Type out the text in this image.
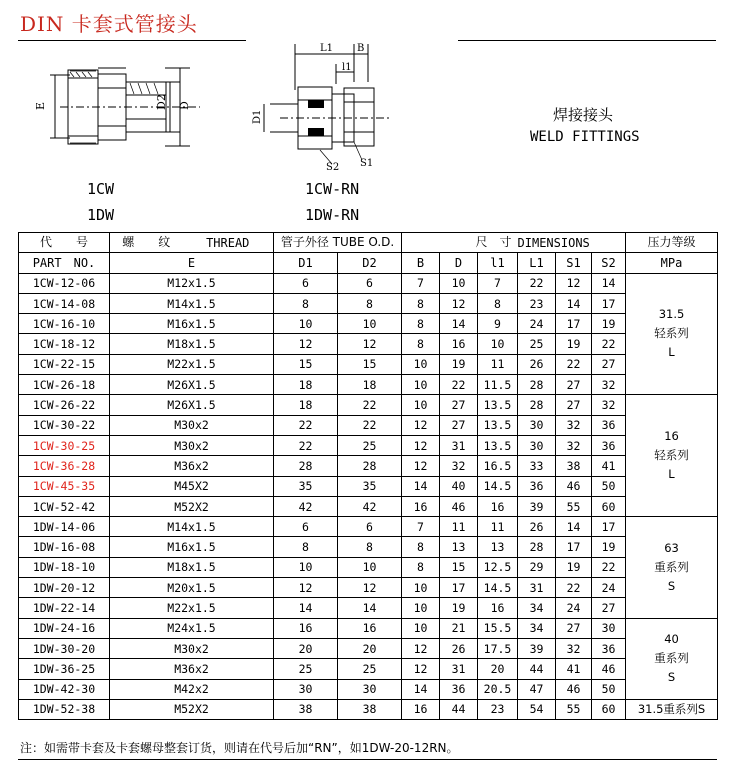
DIN 卡套式管接头
E	D2 D
1CW
1DW
L1 B
l1
D1
S2 S1
1CW-RN
1DW-RN
焊接接头
WELD FITTINGS
代　　号	螺　　纹	THREAD	管子外径 TUBE O.D.		尺　寸			DIMENSIONS			压力等级
PART　NO.	E		D1	D2	B	D	l1	L1	S1	S2	MPa
1CW-12-06	M12x1.5		6	6	7	10	7	22	12	14	31.5
轻系列
L

1CW-14-08	M14x1.5		8	8	8	12	8	23	14	17	
1CW-16-10	M16x1.5		10	10	8	14	9	24	17	19	
1CW-18-12	M18x1.5		12	12	8	16	10	25	19	22	
1CW-22-15	M22x1.5		15	15	10	19	11	26	22	27	
1CW-26-18	M26X1.5		18	18	10	22	11.5	28	27	32	
1CW-26-22	M26X1.5		18	22	10	27	13.5	28	27	32	16
轻系列
L

1CW-30-22	M30x2		22	22	12	27	13.5	30	32	36	
1CW-30-25	M30x2		22	25	12	31	13.5	30	32	36	
1CW-36-28	M36x2		28	28	12	32	16.5	33	38	41	
1CW-45-35	M45X2		35	35	14	40	14.5	36	46	50	
1CW-52-42	M52X2		42	42	16	46	16	39	55	60	
1DW-14-06	M14x1.5		6	6	7	11	11	26	14	17	63
重系列
S

1DW-16-08	M16x1.5		8	8	8	13	13	28	17	19	
1DW-18-10	M18x1.5		10	10	8	15	12.5	29	19	22	
1DW-20-12	M20x1.5		12	12	10	17	14.5	31	22	24	
1DW-22-14	M22x1.5		14	14	10	19	16	34	24	27	
1DW-24-16	M24x1.5		16	16	10	21	15.5	34	27	30	40
重系列
S

1DW-30-20	M30x2		20	20	12	26	17.5	39	32	36	
1DW-36-25	M36x2		25	25	12	31	20	44	41	46	
1DW-42-30	M42x2		30	30	14	36	20.5	47	46	50	
1DW-52-38	M52X2		38	38	16	44	23	54	55	60	31.5重系列S
注：如需带卡套及卡套螺母整套订货，则请在代号后加“RN”，如1DW-20-12RN。
